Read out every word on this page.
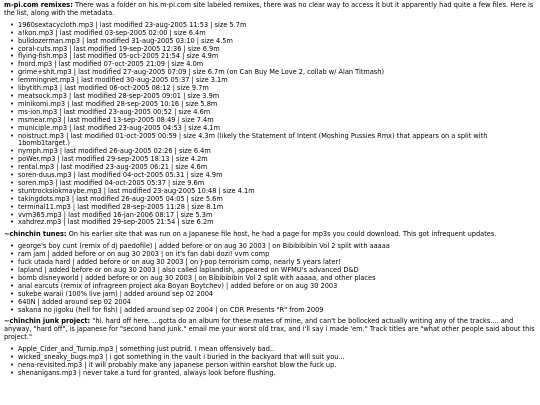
m-pi.com remixes: There was a folder on his m-pi.com site labeled remixes, there was no clear way to access it but it apparently had quite a few files. Here is the list, along with the metadata.

• 1960sextacycloth.mp3 | last modified 23-aug-2005 11:53 | size 5.7m
• a!kon.mp3 | last modified 03-sep-2005 02:00 | size 6.4m
• bulldozerman.mp3 | last modified 31-aug-2005 03:10 | size 4.5m
• coral-cuts.mp3 | last modified 19-sep-2005 12:36 | size 6.9m
• flying-fish.mp3 | last modified 05-oct-2005 21:54 | size 4.9m
• fnord.mp3 | last modified 07-oct-2005 21:09 | size 4.0m
• grime+shit.mp3 | last modified 27-aug-2005 07:09 | size 6.7m (on Can Buy Me Love 2, collab w/ Alan Titmash)
• lemmingnet.mp3 | last modified 30-aug-2005 05:37 | size 3.1m
• libytith.mp3 | last modified 06-oct-2005 08:12 | size 9.7m
• meatsock.mp3 | last modified 28-sep-2005 09:01 | size 3.9m
• minikomi.mp3 | last modified 28-sep-2005 10:16 | size 5.8m
• ms-ion.mp3 | last modified 23-aug-2005 00:52 | size 4.6m
• msmear.mp3 | last modified 13-sep-2005 08:49 | size 7.4m
• municiple.mp3 | last modified 23-aug-2005 04:53 | size 4.1m
• noistruct.mp3 | last modified 01-oct-2005 00:59 | size 4.3m (likely the Statement of Intent (Moshing Pussies Rmx) that appears on a split with 1bomb1target.)
• nymph.mp3 | last modified 26-aug-2005 02:26 | size 6.4m
• poWer.mp3 | last modified 29-sep-2005 18:13 | size 4.2m
• rental.mp3 | last modified 23-aug-2005 06:21 | size 4.6m
• soren-duus.mp3 | last modified 04-oct-2005 05:31 | size 4.9m
• soren.mp3 | last modified 04-oct-2005 05:37 | size 9.6m
• stuntrocksiokmaybe.mp3 | last modified 23-aug-2005 10:48 | size 4.1m
• takingdots.mp3 | last modified 26-aug-2005 04:05 | size 5.6m
• terminal11.mp3 | last modified 28-sep-2005 11:28 | size 8.1m
• vvm365.mp3 | last modified 16-jan-2006 08:17 | size 5.3m
• xahdrez.mp3 | last modified 29-sep-2005 21:54 | size 6.2m

~chinchin tunes: On his earlier site that was run on a Japanese file host, he had a page for mp3s you could download. This got infrequent updates.

• george's boy cunt (remix of dj paedofile) | added before or on aug 30 2003 | on Bibibibibin Vol 2 split with aaaaa
• ram jam | added before or on aug 30 2003 | on it's fan dabi dozi! vvm comp
• fuck utada hard | added before or on aug 30 2003 | on J-pop terrorism comp, nearly 5 years later!
• lapland | added before or on aug 30 2003 | also called laplandish, appeared on WFMU's advanced D&D
• bomb disneyworld | added before or on aug 30 2003 | on Bibibibibin Vol 2 split with aaaaa, and other places
• anal earcuts (remix of infragreen project aka Boyan Boytchev) | added before or on aug 30 2003
• sukebe waraii (100% live jam) | added around sep 02 2004
• 640N | added around sep 02 2004
• sakana no jigoku (hell for fish) | added around sep 02 2004 | on CDR Presents "R" from 2009

~chinchin junk project: "hi. hard off here. ...gotta do an album for these mates of mine, and can't be bollocked actually writing any of the tracks.... and anyway, "hard off", is japanese for "second hand junk." email me your worst old trax, and i'll say i made 'em." Track titles are "what other people said about this project."

• Apple_Cider_and_Turnip.mp3 | something just putrid. I mean offensively bad..
• wicked_sneaky_bugs.mp3 | i got something in the vault i buried in the backyard that will suit you...
• nena-revisited.mp3 | it will probably make any japanese person within earshot blow the fuck up.
• shenanigans.mp3 | never take a turd for granted, always look before flushing.
